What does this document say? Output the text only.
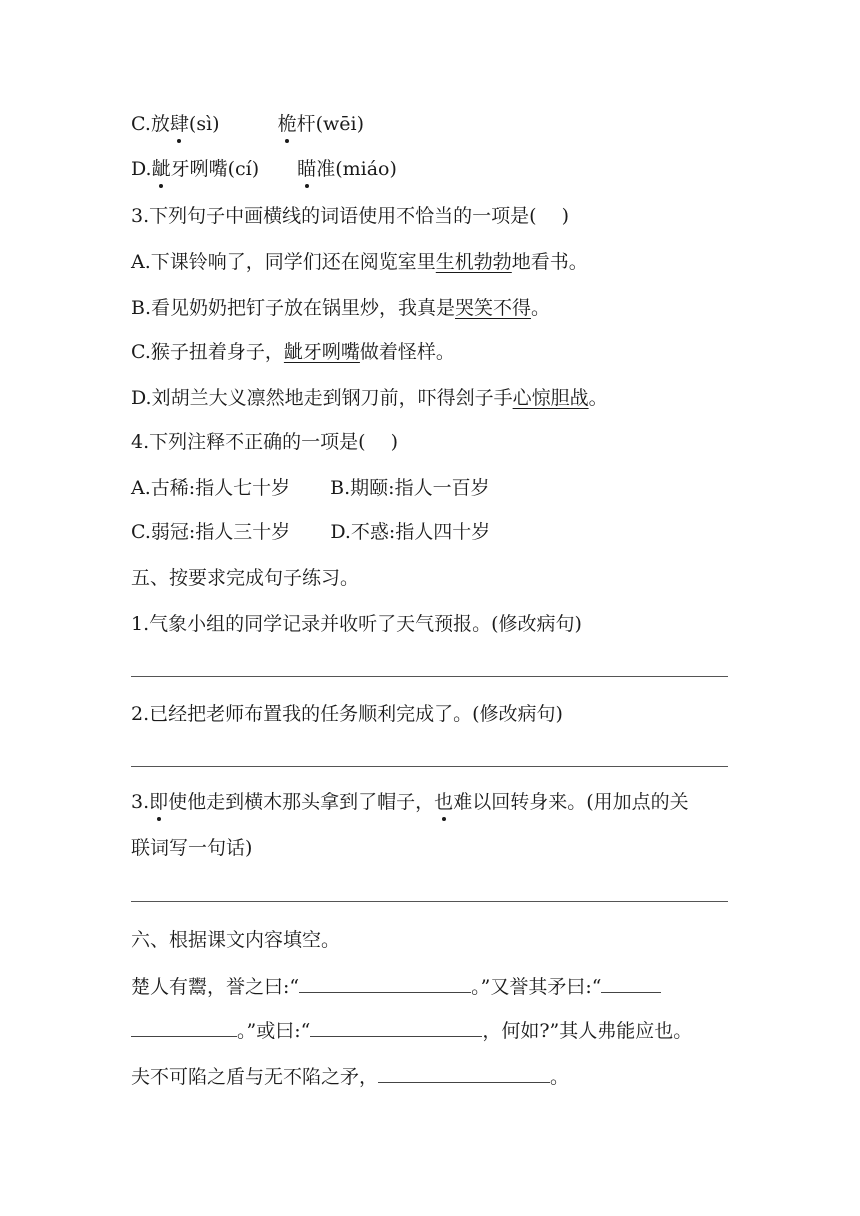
C.放肆(sì)	桅杆(wēi)
D.龇牙咧嘴(cí) 瞄准(miáo)
3.下列句子中画横线的词语使用不恰当的一项是(　 )
A.下课铃响了，同学们还在阅览室里生机勃勃地看书。
B.看见奶奶把钉子放在锅里炒，我真是哭笑不得。
C.猴子扭着身子，龇牙咧嘴做着怪样。
D.刘胡兰大义凛然地走到钢刀前，吓得刽子手心惊胆战。
4.下列注释不正确的一项是(　 )
A.古稀:指人七十岁 B.期颐:指人一百岁
C.弱冠:指人三十岁 D.不惑:指人四十岁
五、按要求完成句子练习。
1.气象小组的同学记录并收听了天气预报。(修改病句)
2.已经把老师布置我的任务顺利完成了。(修改病句)
3.即使他走到横木那头拿到了帽子，也难以回转身来。(用加点的关
联词写一句话)
六、根据课文内容填空。
楚人有鬻，誉之曰:“	。”又誉其矛曰:“
。”或曰:“	，何如?”其人弗能应也。
夫不可陷之盾与无不陷之矛，	。
